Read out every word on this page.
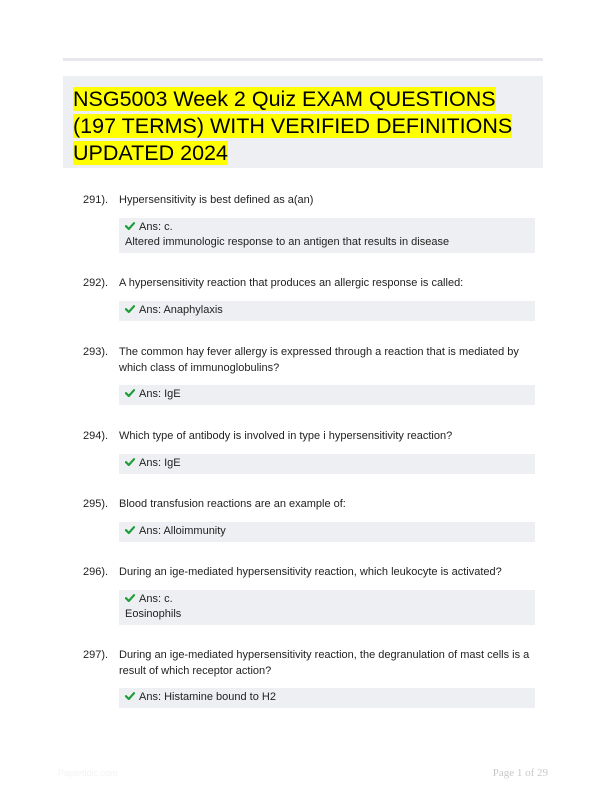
NSG5003 Week 2 Quiz EXAM QUESTIONS (197 TERMS) WITH VERIFIED DEFINITIONS UPDATED 2024
291). Hypersensitivity is best defined as a(an)
Ans: c.
Altered immunologic response to an antigen that results in disease
292). A hypersensitivity reaction that produces an allergic response is called:
Ans: Anaphylaxis
293). The common hay fever allergy is expressed through a reaction that is mediated by which class of immunoglobulins?
Ans: IgE
294). Which type of antibody is involved in type i hypersensitivity reaction?
Ans: IgE
295). Blood transfusion reactions are an example of:
Ans: Alloimmunity
296). During an ige-mediated hypersensitivity reaction, which leukocyte is activated?
Ans: c.
Eosinophils
297). During an ige-mediated hypersensitivity reaction, the degranulation of mast cells is a result of which receptor action?
Ans: Histamine bound to H2
Papertidic.com	Page 1 of 29
